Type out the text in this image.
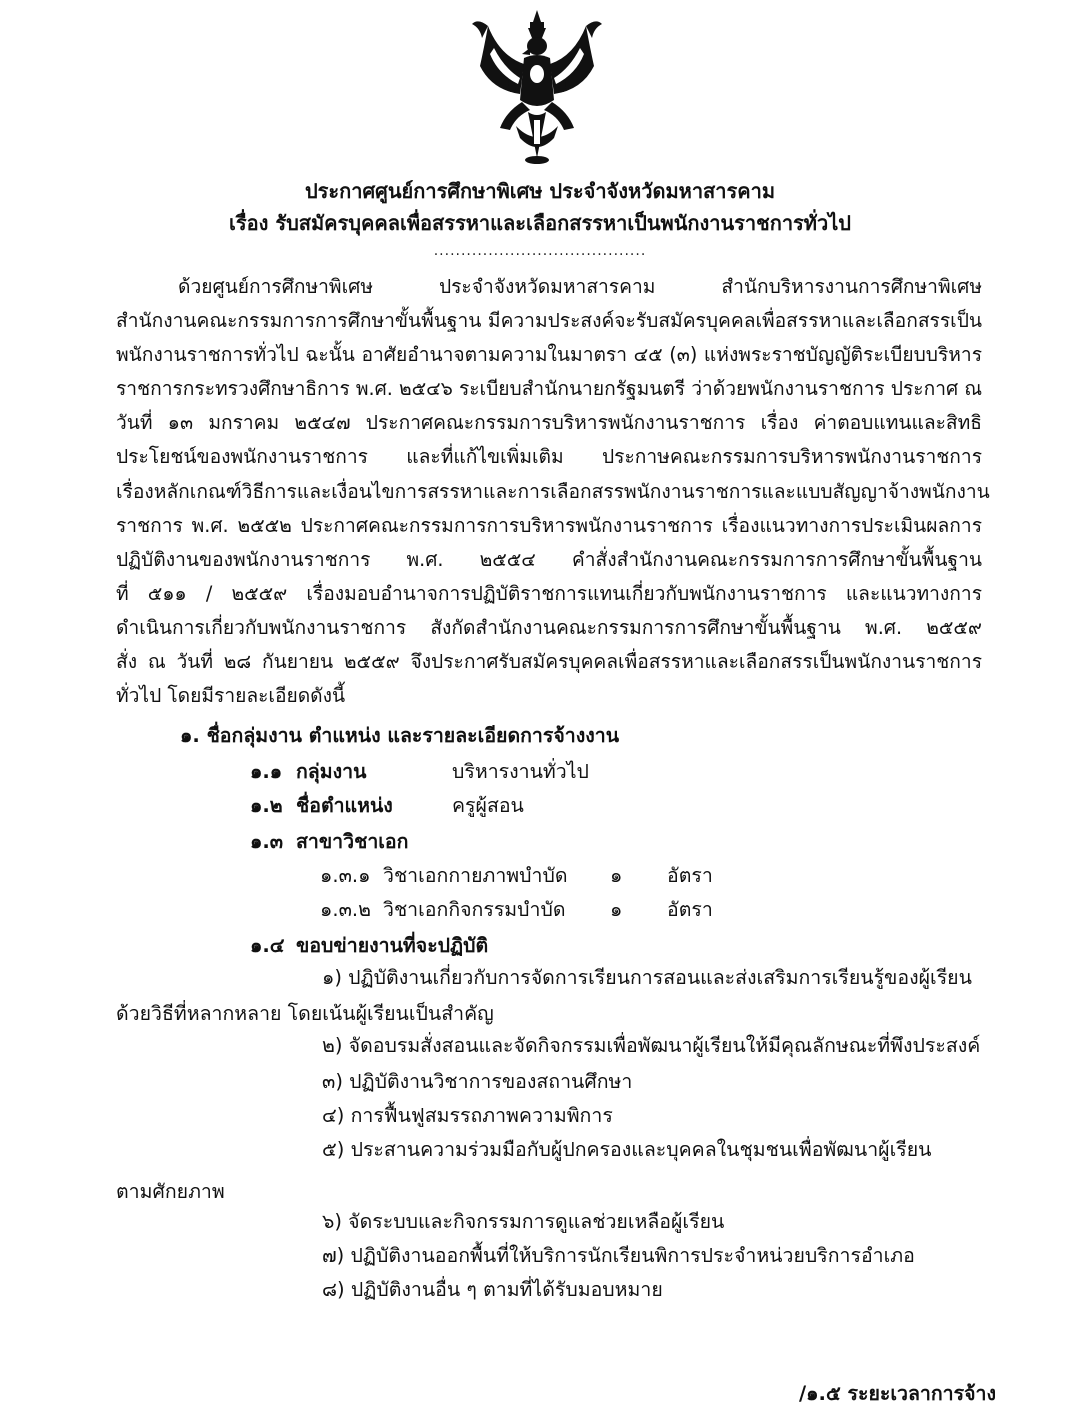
ประกาศศูนย์การศึกษาพิเศษ ประจำจังหวัดมหาสารคาม
เรื่อง รับสมัครบุคคลเพื่อสรรหาและเลือกสรรหาเป็นพนักงานราชการทั่วไป
.......................................
ด้วยศูนย์การศึกษาพิเศษ ประจำจังหวัดมหาสารคาม สำนักบริหารงานการศึกษาพิเศษ
สำนักงานคณะกรรมการการศึกษาขั้นพื้นฐาน มีความประสงค์จะรับสมัครบุคคลเพื่อสรรหาและเลือกสรรเป็น
พนักงานราชการทั่วไป ฉะนั้น อาศัยอำนาจตามความในมาตรา ๔๕ (๓) แห่งพระราชบัญญัติระเบียบบริหาร
ราชการกระทรวงศึกษาธิการ พ.ศ. ๒๕๔๖ ระเบียบสำนักนายกรัฐมนตรี ว่าด้วยพนักงานราชการ ประกาศ ณ
วันที่ ๑๓ มกราคม ๒๕๔๗ ประกาศคณะกรรมการบริหารพนักงานราชการ เรื่อง ค่าตอบแทนและสิทธิ
ประโยชน์ของพนักงานราชการ และที่แก้ไขเพิ่มเติม ประกาษคณะกรรมการบริหารพนักงานราชการ
เรื่องหลักเกณฑ์วิธีการและเงื่อนไขการสรรหาและการเลือกสรรพนักงานราชการและแบบสัญญาจ้างพนักงาน
ราชการ พ.ศ. ๒๕๕๒ ประกาศคณะกรรมการการบริหารพนักงานราชการ เรื่องแนวทางการประเมินผลการ
ปฏิบัติงานของพนักงานราชการ พ.ศ. ๒๕๕๔ คำสั่งสำนักงานคณะกรรมการการศึกษาขั้นพื้นฐาน
ที่ ๕๑๑ / ๒๕๕๙ เรื่องมอบอำนาจการปฏิบัติราชการแทนเกี่ยวกับพนักงานราชการ และแนวทางการ
ดำเนินการเกี่ยวกับพนักงานราชการ สังกัดสำนักงานคณะกรรมการการศึกษาขั้นพื้นฐาน พ.ศ. ๒๕๕๙
สั่ง ณ วันที่ ๒๘ กันยายน ๒๕๕๙ จึงประกาศรับสมัครบุคคลเพื่อสรรหาและเลือกสรรเป็นพนักงานราชการ
ทั่วไป โดยมีรายละเอียดดังนี้
๑. ชื่อกลุ่มงาน ตำแหน่ง และรายละเอียดการจ้างงาน
๑.๑ กลุ่มงาน	บริหารงานทั่วไป
๑.๒ ชื่อตำแหน่ง	ครูผู้สอน
๑.๓ สาขาวิชาเอก
๑.๓.๑ วิชาเอกกายภาพบำบัด ๑ อัตรา
๑.๓.๒ วิชาเอกกิจกรรมบำบัด ๑ อัตรา
๑.๔ ขอบข่ายงานที่จะปฏิบัติ
๑) ปฏิบัติงานเกี่ยวกับการจัดการเรียนการสอนและส่งเสริมการเรียนรู้ของผู้เรียน
ด้วยวิธีที่หลากหลาย โดยเน้นผู้เรียนเป็นสำคัญ
๒) จัดอบรมสั่งสอนและจัดกิจกรรมเพื่อพัฒนาผู้เรียนให้มีคุณลักษณะที่พึงประสงค์
๓) ปฏิบัติงานวิชาการของสถานศึกษา
๔) การฟื้นฟูสมรรถภาพความพิการ
๕) ประสานความร่วมมือกับผู้ปกครองและบุคคลในชุมชนเพื่อพัฒนาผู้เรียน
ตามศักยภาพ
๖) จัดระบบและกิจกรรมการดูแลช่วยเหลือผู้เรียน
๗) ปฏิบัติงานออกพื้นที่ให้บริการนักเรียนพิการประจำหน่วยบริการอำเภอ
๘) ปฏิบัติงานอื่น ๆ ตามที่ได้รับมอบหมาย
/๑.๕ ระยะเวลาการจ้าง
